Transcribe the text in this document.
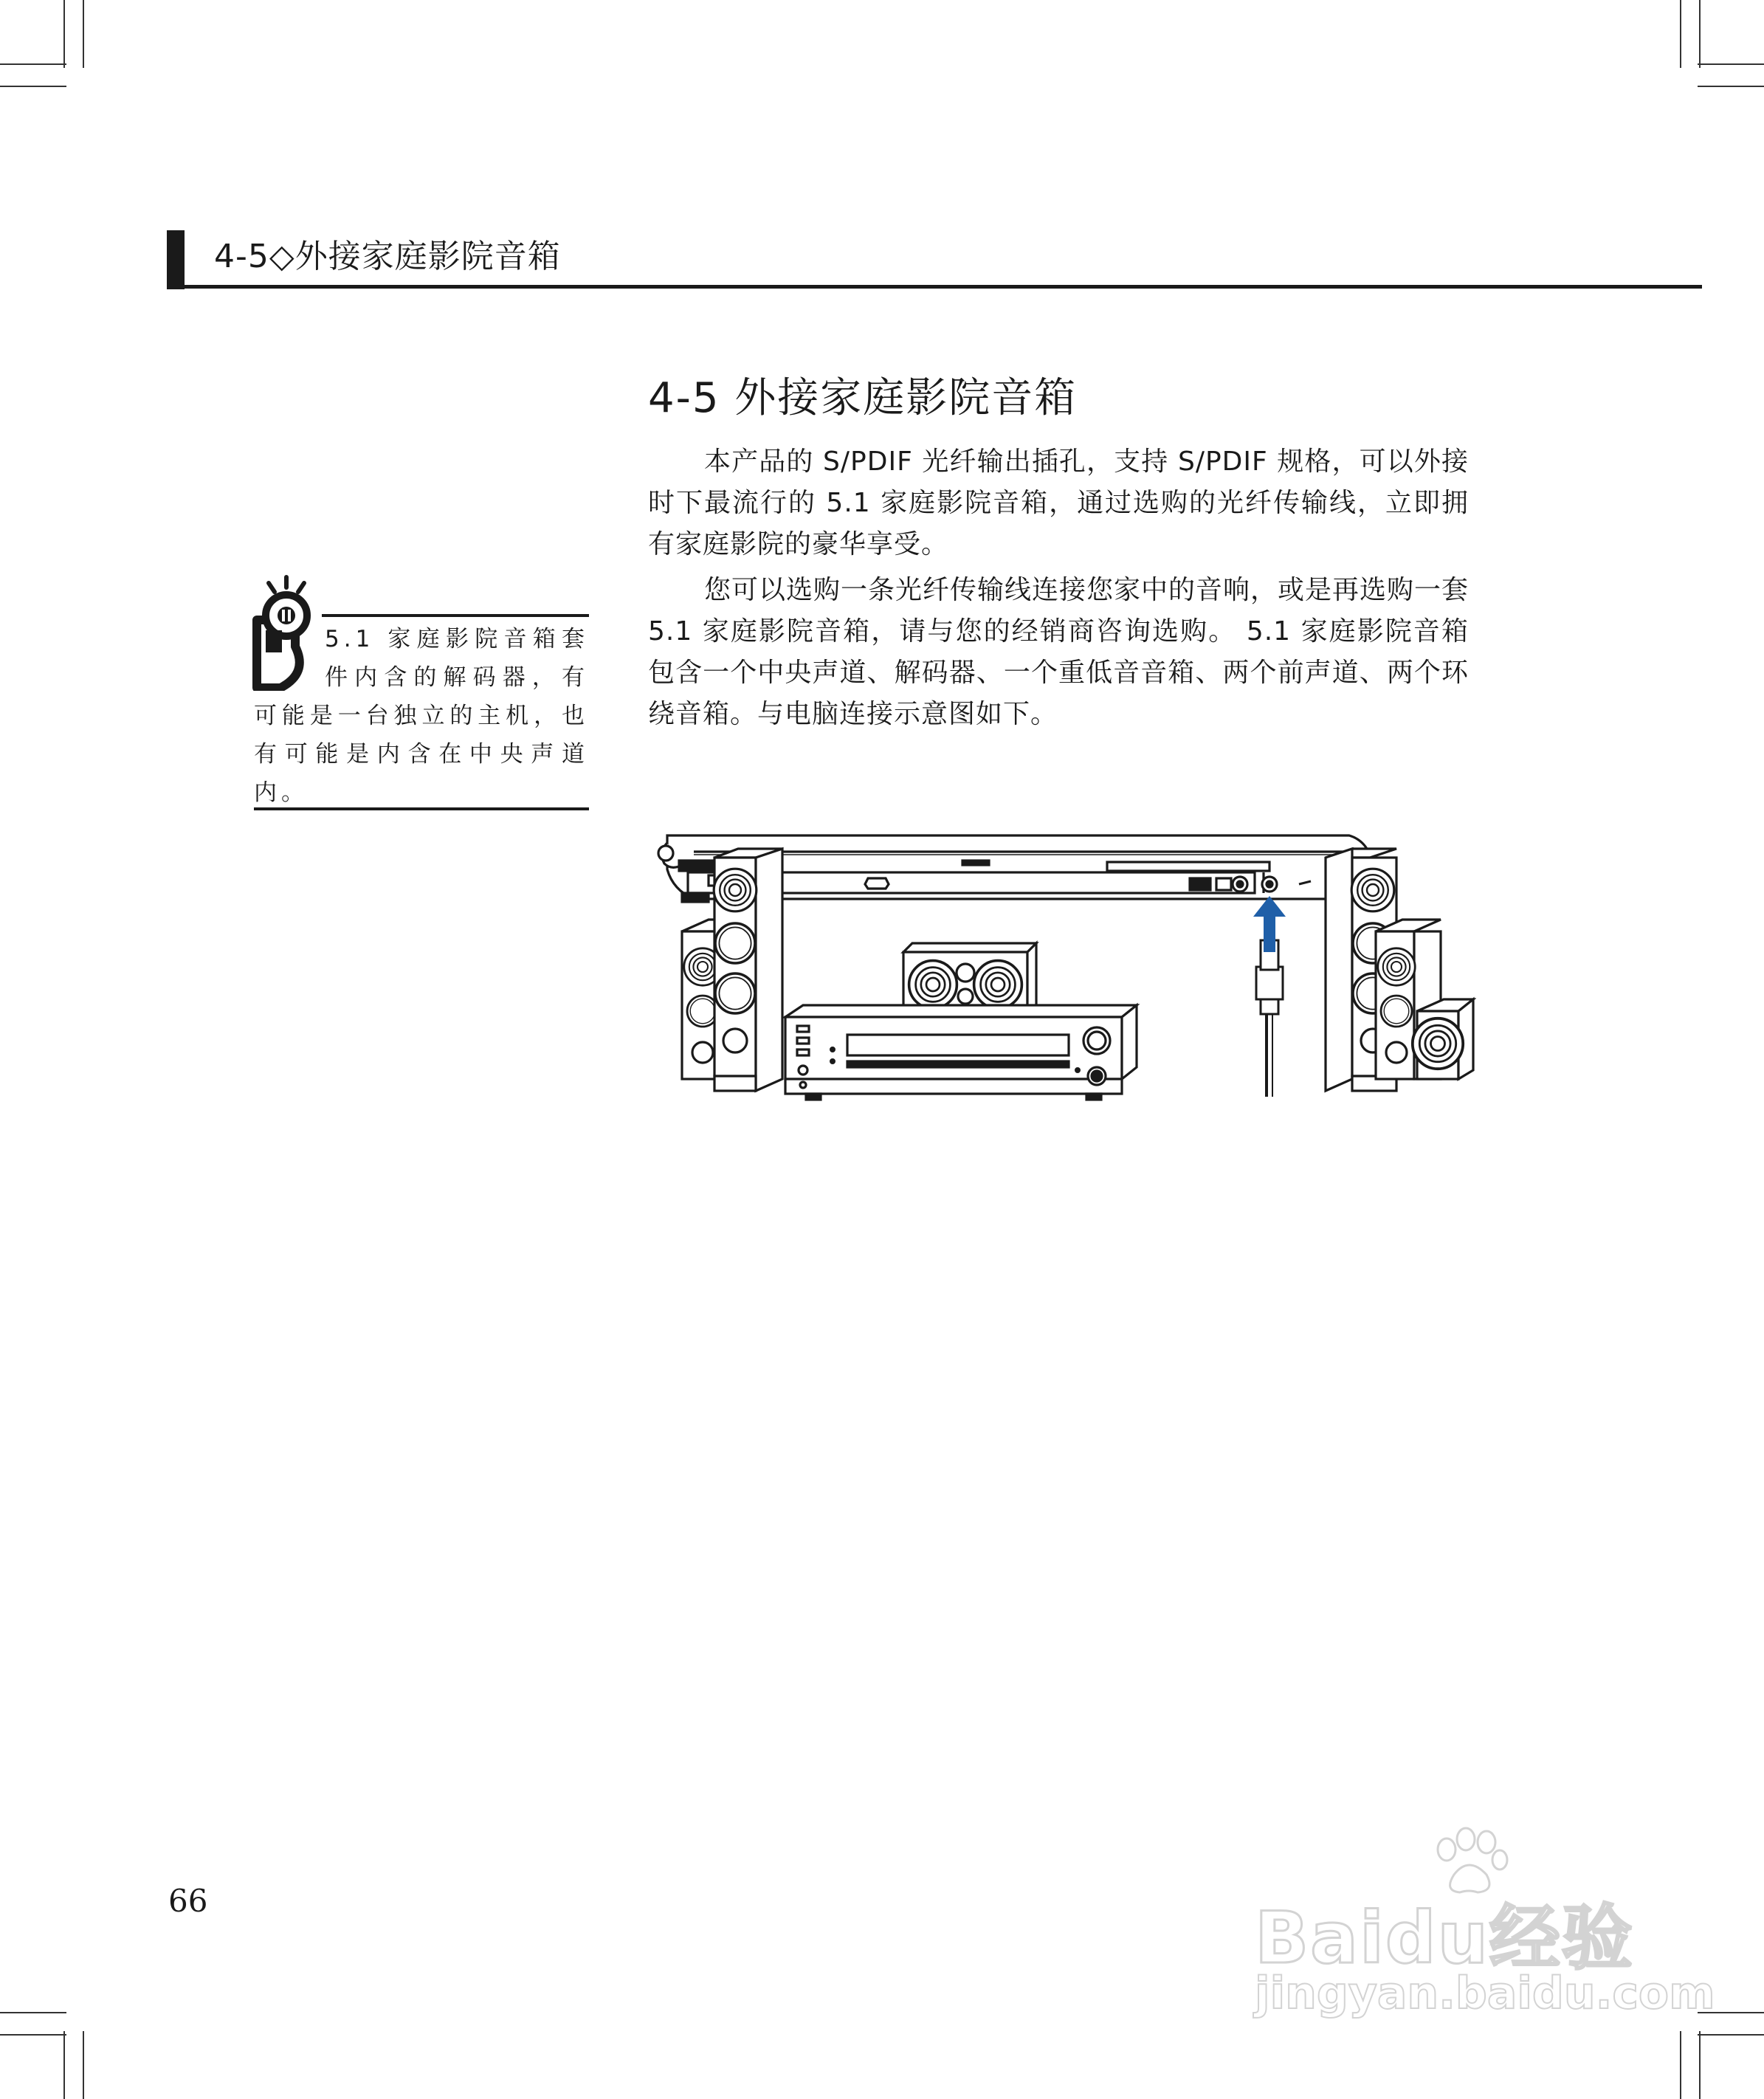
4-5◇外接家庭影院音箱
4-5 外接家庭影院音箱

本产品的 S/PDIF 光纤输出插孔，支持 S/PDIF 规格，可以外接时下最流行的 5.1 家庭影院音箱，通过选购的光纤传输线，立即拥有家庭影院的豪华享受。

您可以选购一条光纤传输线连接您家中的音响，或是再选购一套 5.1 家庭影院音箱，请与您的经销商咨询选购。 5.1 家庭影院音箱包含一个中央声道、解码器、一个重低音音箱、两个前声道、两个环绕音箱。与电脑连接示意图如下。

5.1 家庭影院音箱套件内含的解码器，有可能是一台独立的主机，也有可能是内含在中央声道内。

66	Baidu经验
jingyan.baidu.com
